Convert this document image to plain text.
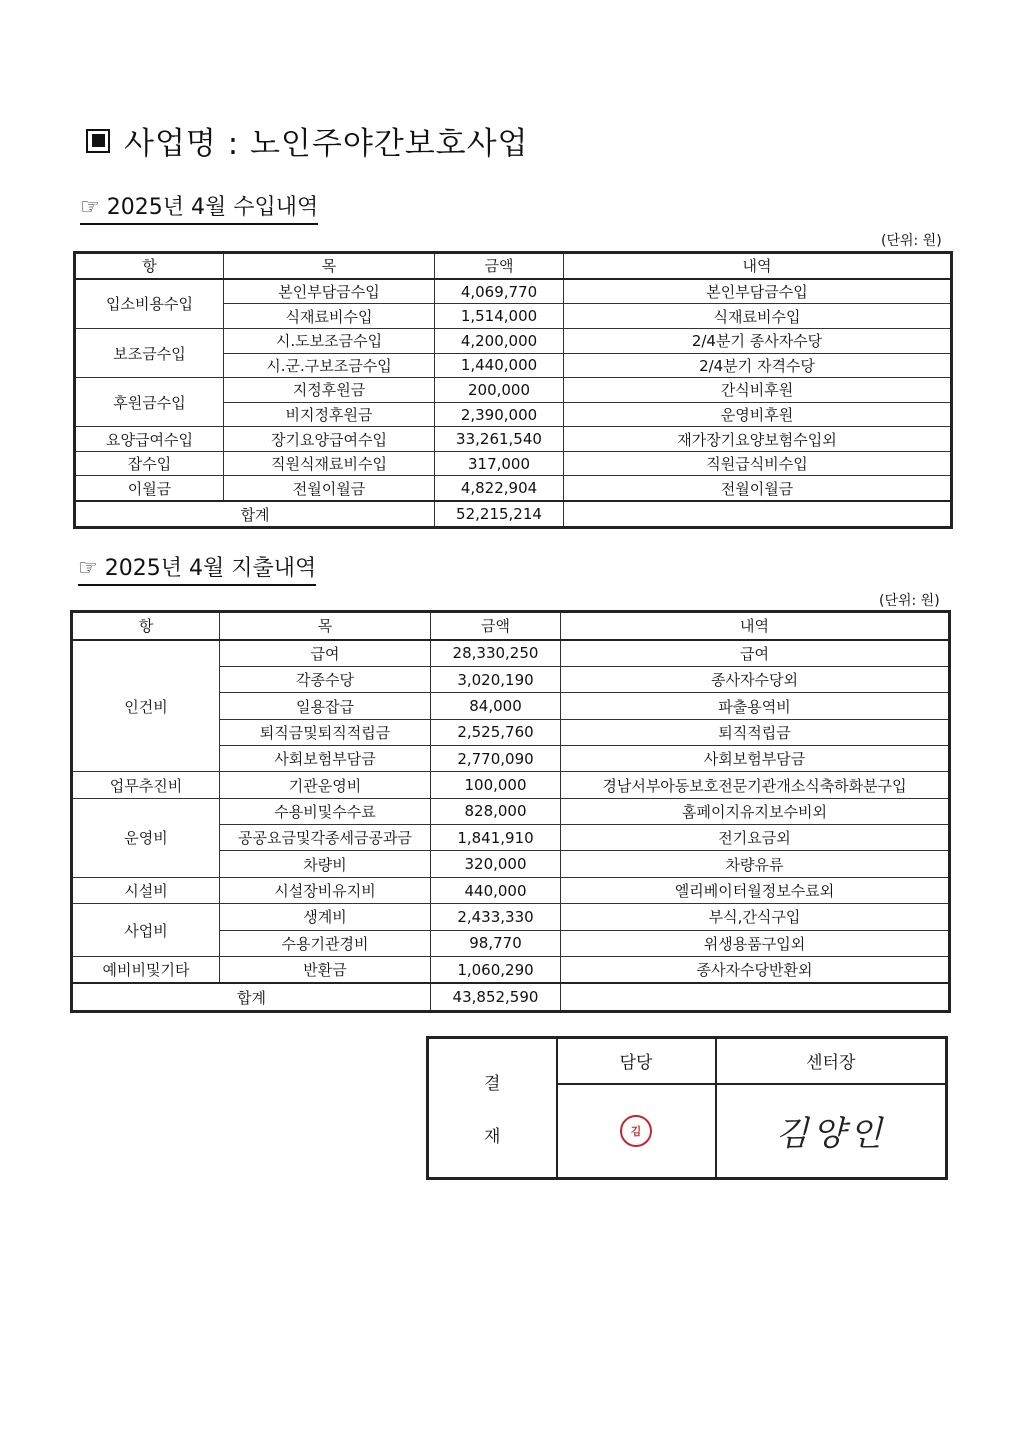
사업명 : 노인주야간보호사업
☞ 2025년 4월 수입내역
(단위: 원)
항	목	금액	내역
입소비용수입	본인부담금수입	4,069,770	본인부담금수입
	식재료비수입	1,514,000	식재료비수입
보조금수입	시.도보조금수입	4,200,000	2/4분기 종사자수당
	시.군.구보조금수입	1,440,000	2/4분기 자격수당
후원금수입	지정후원금	200,000	간식비후원
	비지정후원금	2,390,000	운영비후원
요양급여수입	장기요양급여수입	33,261,540	재가장기요양보험수입외
잡수입	직원식재료비수입	317,000	직원급식비수입
이월금	전월이월금	4,822,904	전월이월금
합계		52,215,214	
☞ 2025년 4월 지출내역
(단위: 원)
항	목	금액	내역
인건비	급여	28,330,250	급여
	각종수당	3,020,190	종사자수당외
	일용잡급	84,000	파출용역비
	퇴직금및퇴직적립금	2,525,760	퇴직적립금
	사회보험부담금	2,770,090	사회보험부담금
업무추진비	기관운영비	100,000	경남서부아동보호전문기관개소식축하화분구입
운영비	수용비및수수료	828,000	홈페이지유지보수비외
	공공요금및각종세금공과금	1,841,910	전기요금외
	차량비	320,000	차량유류
시설비	시설장비유지비	440,000	엘리베이터월정보수료외
사업비	생계비	2,433,330	부식,간식구입
	수용기관경비	98,770	위생용품구입외
예비비및기타	반환금	1,060,290	종사자수당반환외
합계		43,852,590	
결
재	담당	센터장
	김	김양인
